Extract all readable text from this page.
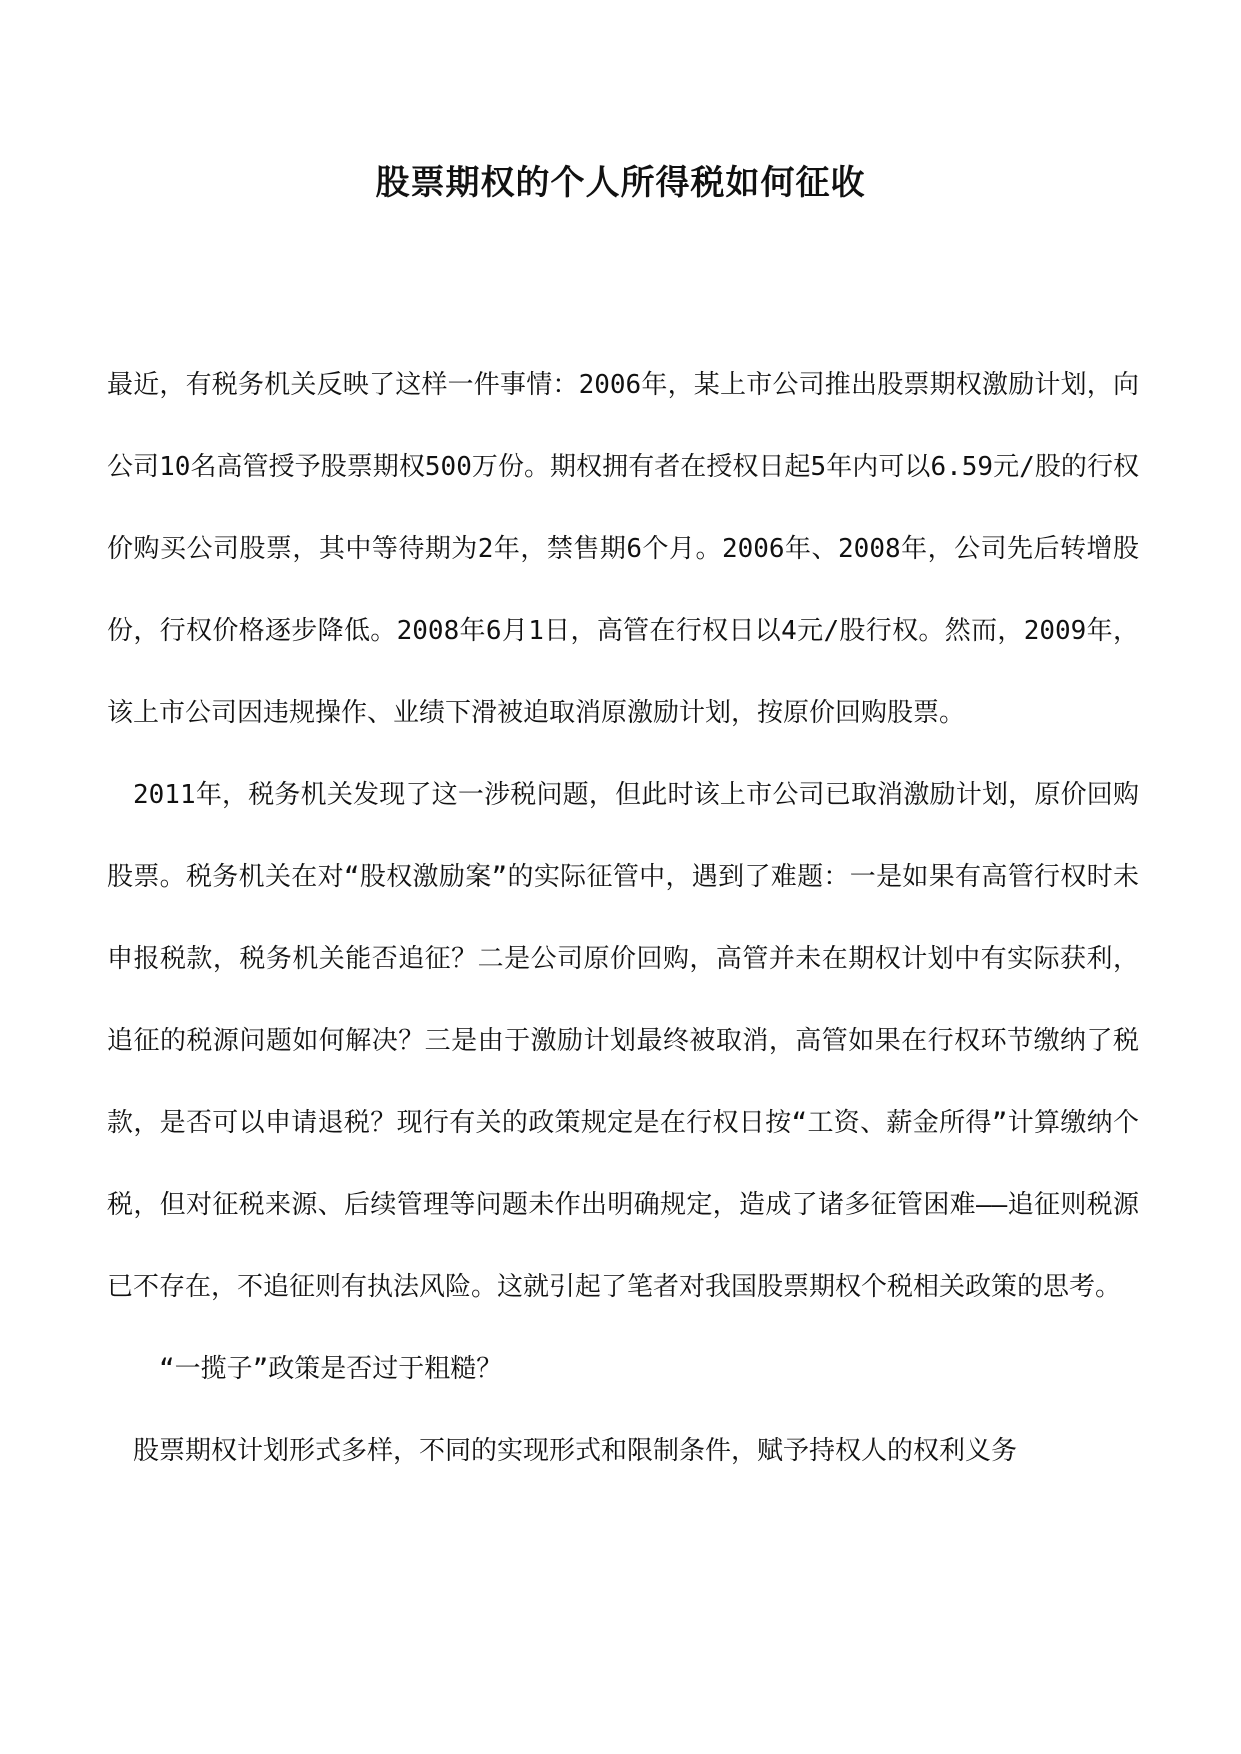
股票期权的个人所得税如何征收

最近，有税务机关反映了这样一件事情：2006年，某上市公司推出股票期权激励计划，向公司10名高管授予股票期权500万份。期权拥有者在授权日起5年内可以6.59元/股的行权价购买公司股票，其中等待期为2年，禁售期6个月。2006年、2008年，公司先后转增股份，行权价格逐步降低。2008年6月1日，高管在行权日以4元/股行权。然而，2009年，该上市公司因违规操作、业绩下滑被迫取消原激励计划，按原价回购股票。

2011年，税务机关发现了这一涉税问题，但此时该上市公司已取消激励计划，原价回购股票。税务机关在对“股权激励案”的实际征管中，遇到了难题：一是如果有高管行权时未申报税款，税务机关能否追征？二是公司原价回购，高管并未在期权计划中有实际获利，追征的税源问题如何解决？三是由于激励计划最终被取消，高管如果在行权环节缴纳了税款，是否可以申请退税？现行有关的政策规定是在行权日按“工资、薪金所得”计算缴纳个税，但对征税来源、后续管理等问题未作出明确规定，造成了诸多征管困难——追征则税源已不存在，不追征则有执法风险。这就引起了笔者对我国股票期权个税相关政策的思考。

“一揽子”政策是否过于粗糙？

股票期权计划形式多样，不同的实现形式和限制条件，赋予持权人的权利义务
